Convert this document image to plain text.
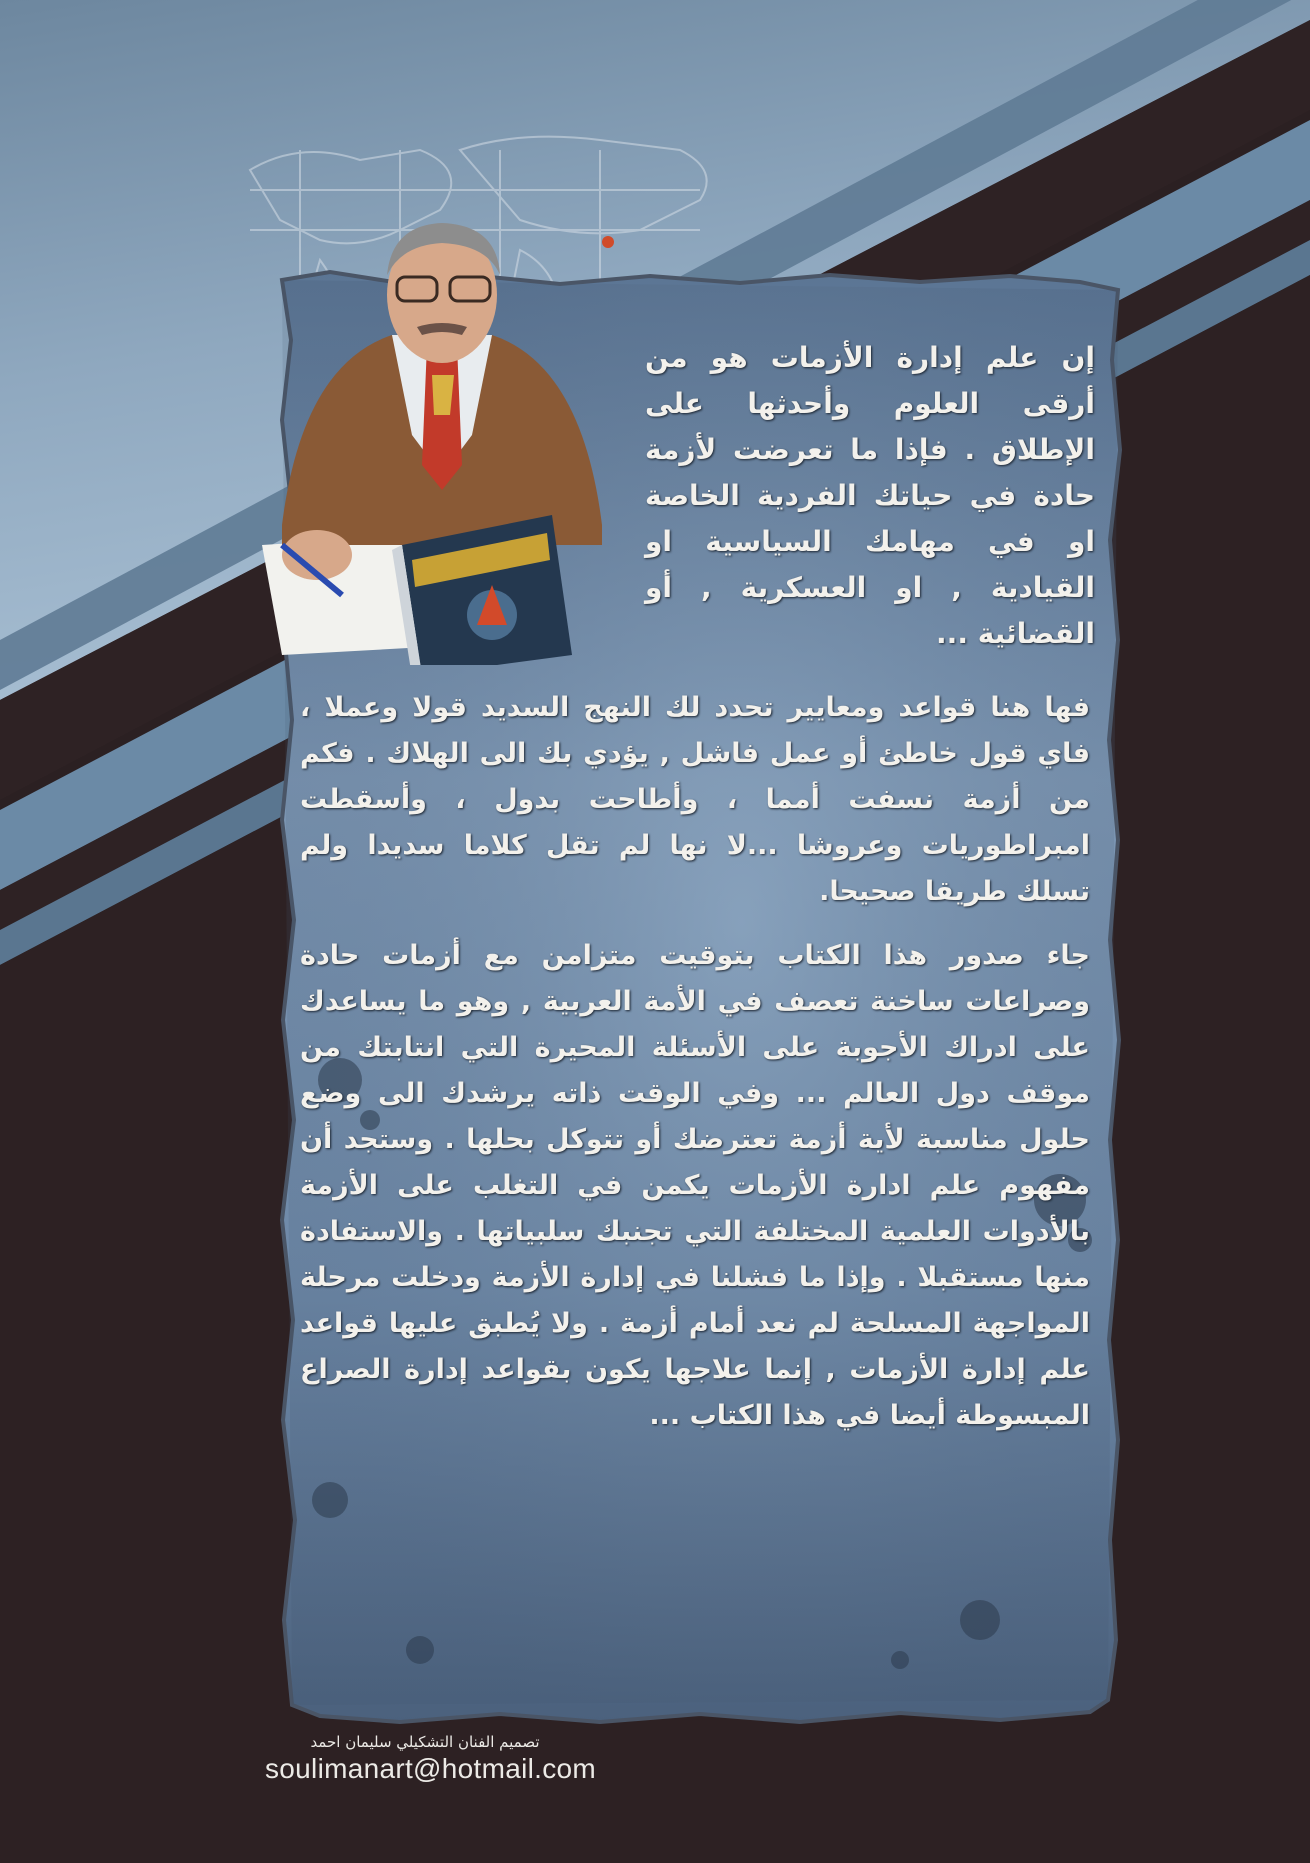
إن علم إدارة الأزمات هو من أرقى العلوم وأحدثها على الإطلاق . فإذا ما تعرضت لأزمة حادة في حياتك الفردية الخاصة او في مهامك السياسية او القيادية , او العسكرية , أو القضائية ...

فها هنا قواعد ومعايير تحدد لك النهج السديد قولا وعملا ، فاي قول خاطئ أو عمل فاشل , يؤدي بك الى الهلاك . فكم من أزمة نسفت أمما ، وأطاحت بدول ، وأسقطت امبراطوريات وعروشا ...لا نها لم تقل كلاما سديدا ولم تسلك طريقا صحيحا.

جاء صدور هذا الكتاب بتوقيت متزامن مع أزمات حادة وصراعات ساخنة تعصف في الأمة العربية , وهو ما يساعدك على ادراك الأجوبة على الأسئلة المحيرة التي انتابتك من موقف دول العالم ... وفي الوقت ذاته يرشدك الى وضع حلول مناسبة لأية أزمة تعترضك أو تتوكل بحلها . وستجد أن مفهوم علم ادارة الأزمات يكمن في التغلب على الأزمة بالأدوات العلمية المختلفة التي تجنبك سلبياتها . والاستفادة منها مستقبلا . وإذا ما فشلنا في إدارة الأزمة ودخلت مرحلة المواجهة المسلحة لم نعد أمام أزمة . ولا يُطبق عليها قواعد علم إدارة الأزمات , إنما علاجها يكون بقواعد إدارة الصراع المبسوطة أيضا في هذا الكتاب ...

تصميم الفنان التشكيلي سليمان احمد
soulimanart@hotmail.com
